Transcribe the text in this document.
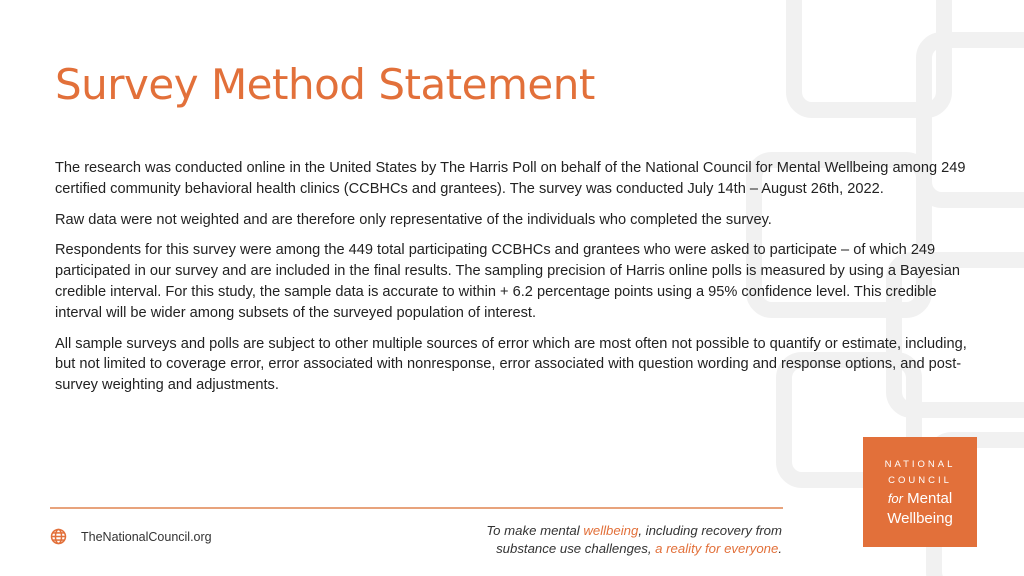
Survey Method Statement

The research was conducted online in the United States by The Harris Poll on behalf of the National Council for Mental Wellbeing among 249 certified community behavioral health clinics (CCBHCs and grantees). The survey was conducted July 14th – August 26th, 2022.

Raw data were not weighted and are therefore only representative of the individuals who completed the survey.

Respondents for this survey were among the 449 total participating CCBHCs and grantees who were asked to participate – of which 249 participated in our survey and are included in the final results. The sampling precision of Harris online polls is measured by using a Bayesian credible interval. For this study, the sample data is accurate to within + 6.2 percentage points using a 95% confidence level. This credible interval will be wider among subsets of the surveyed population of interest.

All sample surveys and polls are subject to other multiple sources of error which are most often not possible to quantify or estimate, including, but not limited to coverage error, error associated with nonresponse, error associated with question wording and response options, and post-survey weighting and adjustments.

TheNationalCouncil.org	To make mental wellbeing, including recovery from
substance use challenges, a reality for everyone.
NATIONAL
COUNCIL
for Mental
Wellbeing
